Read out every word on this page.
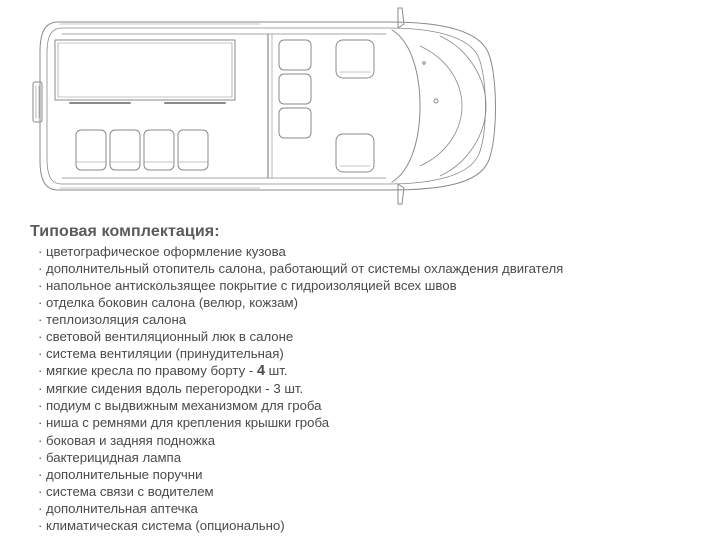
Типовая комплектация:
· цветографическое оформление кузова
· дополнительный отопитель салона, работающий от системы охлаждения двигателя
· напольное антискользящее покрытие с гидроизоляцией всех швов
· отделка боковин салона (велюр, кожзам)
· теплоизоляция салона
· световой вентиляционный люк в салоне
· система вентиляции (принудительная)
· мягкие кресла по правому борту - 4 шт.
· мягкие сидения вдоль перегородки - 3 шт.
· подиум с выдвижным механизмом для гроба
· ниша с ремнями для крепления крышки гроба
· боковая и задняя подножка
· бактерицидная лампа
· дополнительные поручни
· система связи с водителем
· дополнительная аптечка
· климатическая система (опционально)
